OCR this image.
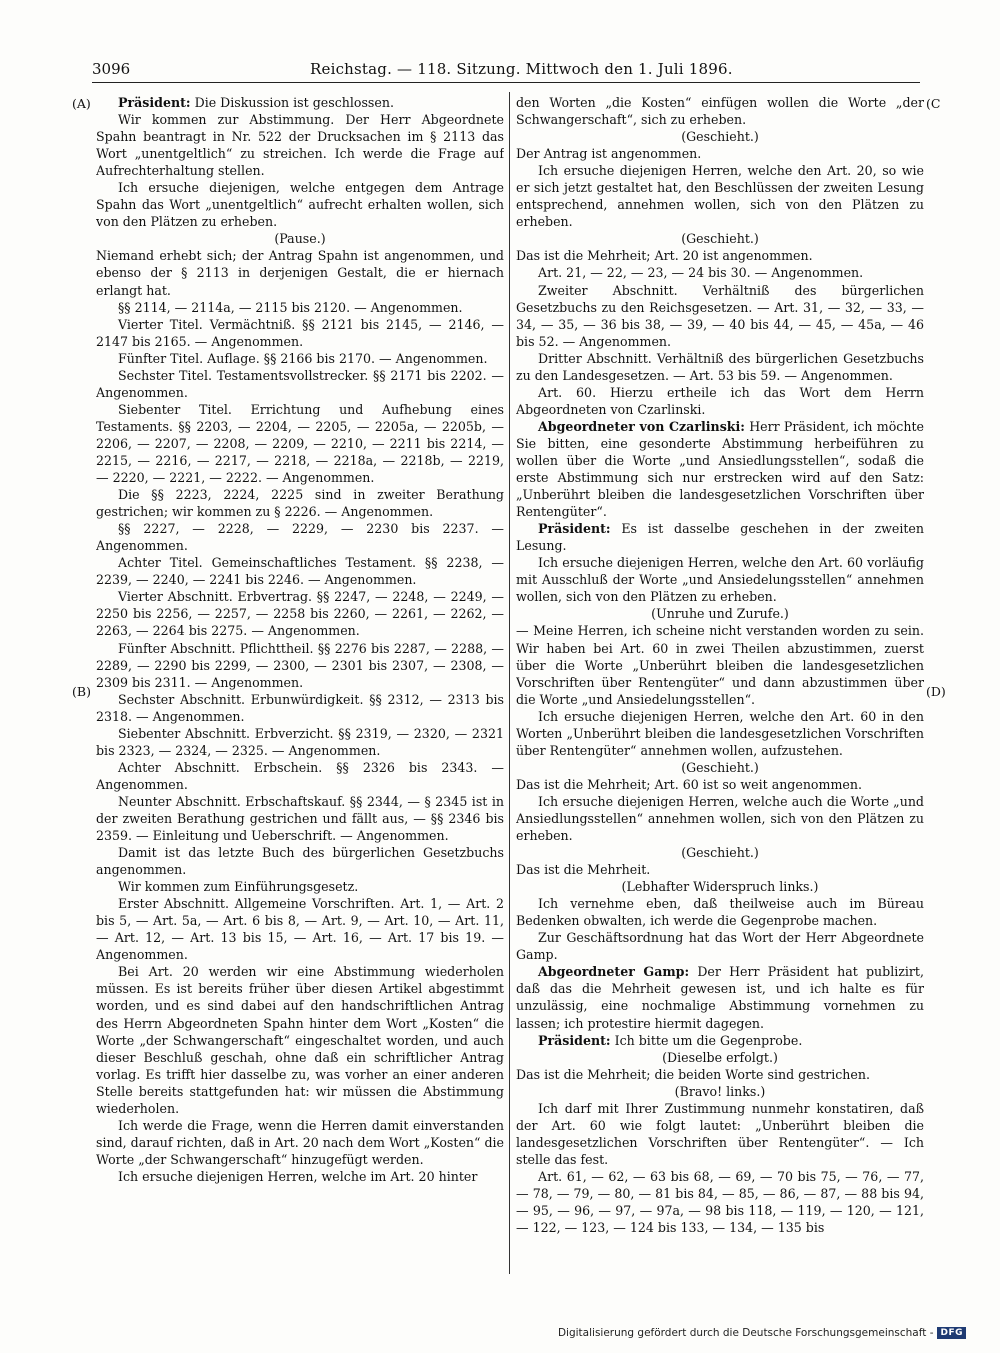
3096	Reichstag. — 118. Sitzung. Mittwoch den 1. Juli 1896.
(A)
(B)
(C
(D)

Präsident: Die Diskussion ist geschlossen.

Wir kommen zur Abstimmung. Der Herr Abgeordnete Spahn beantragt in Nr. 522 der Drucksachen im § 2113 das Wort „unentgeltlich“ zu streichen. Ich werde die Frage auf Aufrechterhaltung stellen.

Ich ersuche diejenigen, welche entgegen dem Antrage Spahn das Wort „unentgeltlich“ aufrecht erhalten wollen, sich von den Plätzen zu erheben.

(Pause.)

Niemand erhebt sich; der Antrag Spahn ist angenommen, und ebenso der § 2113 in derjenigen Gestalt, die er hiernach erlangt hat.

§§ 2114, — 2114a, — 2115 bis 2120. — Angenommen.

Vierter Titel. Vermächtniß. §§ 2121 bis 2145, — 2146, — 2147 bis 2165. — Angenommen.

Fünfter Titel. Auflage. §§ 2166 bis 2170. — Angenommen.

Sechster Titel. Testamentsvollstrecker. §§ 2171 bis 2202. — Angenommen.

Siebenter Titel. Errichtung und Aufhebung eines Testaments. §§ 2203, — 2204, — 2205, — 2205a, — 2205b, — 2206, — 2207, — 2208, — 2209, — 2210, — 2211 bis 2214, — 2215, — 2216, — 2217, — 2218, — 2218a, — 2218b, — 2219, — 2220, — 2221, — 2222. — Angenommen.

Die §§ 2223, 2224, 2225 sind in zweiter Berathung gestrichen; wir kommen zu § 2226. — Angenommen.

§§ 2227, — 2228, — 2229, — 2230 bis 2237. — Angenommen.

Achter Titel. Gemeinschaftliches Testament. §§ 2238, — 2239, — 2240, — 2241 bis 2246. — Angenommen.

Vierter Abschnitt. Erbvertrag. §§ 2247, — 2248, — 2249, — 2250 bis 2256, — 2257, — 2258 bis 2260, — 2261, — 2262, — 2263, — 2264 bis 2275. — Angenommen.

Fünfter Abschnitt. Pflichttheil. §§ 2276 bis 2287, — 2288, — 2289, — 2290 bis 2299, — 2300, — 2301 bis 2307, — 2308, — 2309 bis 2311. — Angenommen.

Sechster Abschnitt. Erbunwürdigkeit. §§ 2312, — 2313 bis 2318. — Angenommen.

Siebenter Abschnitt. Erbverzicht. §§ 2319, — 2320, — 2321 bis 2323, — 2324, — 2325. — Angenommen.

Achter Abschnitt. Erbschein. §§ 2326 bis 2343. — Angenommen.

Neunter Abschnitt. Erbschaftskauf. §§ 2344, — § 2345 ist in der zweiten Berathung gestrichen und fällt aus, — §§ 2346 bis 2359. — Einleitung und Ueberschrift. — Angenommen.

Damit ist das letzte Buch des bürgerlichen Gesetzbuchs angenommen.

Wir kommen zum Einführungsgesetz.

Erster Abschnitt. Allgemeine Vorschriften. Art. 1, — Art. 2 bis 5, — Art. 5a, — Art. 6 bis 8, — Art. 9, — Art. 10, — Art. 11, — Art. 12, — Art. 13 bis 15, — Art. 16, — Art. 17 bis 19. — Angenommen.

Bei Art. 20 werden wir eine Abstimmung wiederholen müssen. Es ist bereits früher über diesen Artikel abgestimmt worden, und es sind dabei auf den handschriftlichen Antrag des Herrn Abgeordneten Spahn hinter dem Wort „Kosten“ die Worte „der Schwangerschaft“ eingeschaltet worden, und auch dieser Beschluß geschah, ohne daß ein schriftlicher Antrag vorlag. Es trifft hier dasselbe zu, was vorher an einer anderen Stelle bereits stattgefunden hat: wir müssen die Abstimmung wiederholen.

Ich werde die Frage, wenn die Herren damit einverstanden sind, darauf richten, daß in Art. 20 nach dem Wort „Kosten“ die Worte „der Schwangerschaft“ hinzugefügt werden.

Ich ersuche diejenigen Herren, welche im Art. 20 hinter

den Worten „die Kosten“ einfügen wollen die Worte „der Schwangerschaft“, sich zu erheben.

(Geschieht.)

Der Antrag ist angenommen.

Ich ersuche diejenigen Herren, welche den Art. 20, so wie er sich jetzt gestaltet hat, den Beschlüssen der zweiten Lesung entsprechend, annehmen wollen, sich von den Plätzen zu erheben.

(Geschieht.)

Das ist die Mehrheit; Art. 20 ist angenommen.

Art. 21, — 22, — 23, — 24 bis 30. — Angenommen.

Zweiter Abschnitt. Verhältniß des bürgerlichen Gesetzbuchs zu den Reichsgesetzen. — Art. 31, — 32, — 33, — 34, — 35, — 36 bis 38, — 39, — 40 bis 44, — 45, — 45a, — 46 bis 52. — Angenommen.

Dritter Abschnitt. Verhältniß des bürgerlichen Gesetzbuchs zu den Landesgesetzen. — Art. 53 bis 59. — Angenommen.

Art. 60. Hierzu ertheile ich das Wort dem Herrn Abgeordneten von Czarlinski.

Abgeordneter von Czarlinski: Herr Präsident, ich möchte Sie bitten, eine gesonderte Abstimmung herbeiführen zu wollen über die Worte „und Ansiedlungsstellen“, sodaß die erste Abstimmung sich nur erstrecken wird auf den Satz: „Unberührt bleiben die landesgesetzlichen Vorschriften über Rentengüter“.

Präsident: Es ist dasselbe geschehen in der zweiten Lesung.

Ich ersuche diejenigen Herren, welche den Art. 60 vorläufig mit Ausschluß der Worte „und Ansiedelungsstellen“ annehmen wollen, sich von den Plätzen zu erheben.

(Unruhe und Zurufe.)

— Meine Herren, ich scheine nicht verstanden worden zu sein. Wir haben bei Art. 60 in zwei Theilen abzustimmen, zuerst über die Worte „Unberührt bleiben die landesgesetzlichen Vorschriften über Rentengüter“ und dann abzustimmen über die Worte „und Ansiedelungsstellen“.

Ich ersuche diejenigen Herren, welche den Art. 60 in den Worten „Unberührt bleiben die landesgesetzlichen Vorschriften über Rentengüter“ annehmen wollen, aufzustehen.

(Geschieht.)

Das ist die Mehrheit; Art. 60 ist so weit angenommen.

Ich ersuche diejenigen Herren, welche auch die Worte „und Ansiedlungsstellen“ annehmen wollen, sich von den Plätzen zu erheben.

(Geschieht.)

Das ist die Mehrheit.

(Lebhafter Widerspruch links.)

Ich vernehme eben, daß theilweise auch im Büreau Bedenken obwalten, ich werde die Gegenprobe machen.

Zur Geschäftsordnung hat das Wort der Herr Abgeordnete Gamp.

Abgeordneter Gamp: Der Herr Präsident hat publizirt, daß das die Mehrheit gewesen ist, und ich halte es für unzulässig, eine nochmalige Abstimmung vornehmen zu lassen; ich protestire hiermit dagegen.

Präsident: Ich bitte um die Gegenprobe.

(Dieselbe erfolgt.)

Das ist die Mehrheit; die beiden Worte sind gestrichen.

(Bravo! links.)

Ich darf mit Ihrer Zustimmung nunmehr konstatiren, daß der Art. 60 wie folgt lautet: „Unberührt bleiben die landesgesetzlichen Vorschriften über Rentengüter“. — Ich stelle das fest.

Art. 61, — 62, — 63 bis 68, — 69, — 70 bis 75, — 76, — 77, — 78, — 79, — 80, — 81 bis 84, — 85, — 86, — 87, — 88 bis 94, — 95, — 96, — 97, — 97a, — 98 bis 118, — 119, — 120, — 121, — 122, — 123, — 124 bis 133, — 134, — 135 bis

Digitalisierung gefördert durch die Deutsche Forschungsgemeinschaft - DFG
